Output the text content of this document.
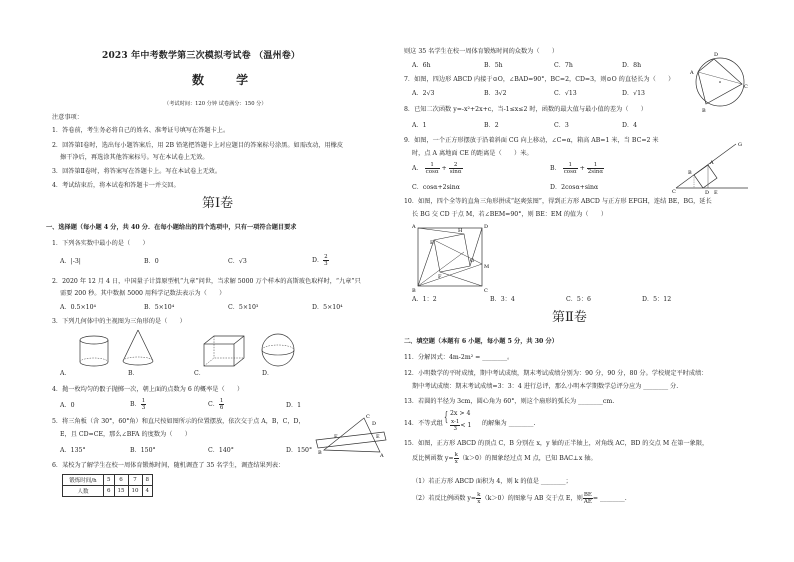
2023 年中考数学第三次模拟考试卷 （温州卷）
数 学
（考试时间：120 分钟 试卷满分：150 分）
注意事项：
1．答卷前，考生务必将自己的姓名、准考证号填写在答题卡上。
2．回答第Ⅰ卷时，选出每小题答案后，用 2B 铅笔把答题卡上对应题目的答案标号涂黑。如需改动，用橡皮
擦干净后，再选涂其他答案标号。写在本试卷上无效。
3．回答第Ⅱ卷时，将答案写在答题卡上。写在本试卷上无效。
4．考试结束后，将本试卷和答题卡一并交回。
第Ⅰ卷
一、选择题（每小题 4 分，共 40 分．在每小题给出的四个选项中，只有一项符合题目要求
1．下列各实数中最小的是（　　）
A．|-3|	B．0	C．√3	D． $\frac{2}{3}$
2．2020 年 12 月 4 日，中国量子计算原型机“九章”问世，当求解 5000 万个样本的高斯玻色取样时，“九章”只
需要 200 秒。其中数据 5000 用科学记数法表示为（　　）
A．0.5×10⁴	B．5×10⁴	C．5×10³	D．5×10⁴
3．下列几何体中的主视图为三角形的是（　　）
A．	B．	C．	D．
4．抛一枚均匀的骰子抛掷一次，朝上面的点数为 6 的概率是（　　）
A．0	B． $\frac{1}{3}$	C． $\frac{1}{6}$	D．1
5．将三角板（含 30°，60°角）和直尺按如图所示的位置摆放，依次交于点 A，B，C，D，
E，且 CD=CE，那么∠BFA 的度数为（　　）
A．135°	B．150°	C．140°	D．150°
C
D
E
F
B	A
6．某校为了解学生在校一周体育锻炼时间，随机调查了 35 名学生，调查结果列表：
锻炼时间/h	5	6	7	8
人数	6	15	10	4
则这 35 名学生在校一周体育锻炼时间的众数为（　　）
A．6h	B．5h	C．7h	D．8h
7．如图，四边形 ABCD 内接于⊙O，∠BAD=90°，BC=2，CD=3，则⊙O 的直径长为（　　）
A．2√3	B．3√2	C．√13	D．√13
A
B
C
D
8．已知二次函数 y=-x²+2x+c，当-1≤x≤2 时，函数的最大值与最小值的差为（　　）
A．1	B．2	C．3	D．4
9．如图，一个正方形摆放于沿着斜面 CG 向上移动，∠C=α，箱高 AB=1 米，当 BC=2 米
时，点 A 离地面 CE 的距离是（　　）米。
A． $\frac{1}{\cos\alpha} + \frac{2}{\sin\alpha}$	B． $\frac{1}{\cos\alpha} + \frac{1}{2\sin\alpha}$
C．cosα+2sinα	D．2cosα+sinα
G
A
B
C	D E
10．如图，四个全等的直角三角形拼成“赵爽弦图”，得到正方形 ABCD 与正方形 EFGH，连结 BE，BG，延长
长 BG 交 CD 于点 M，若∠BEM=90°，则 BE：EM 的值为（　　）
A	D
H
E
G
F
M
B	C
A．1：2	B．3：4	C．5：6	D．5：12
第Ⅱ卷
二、填空题（本题有 6 小题，每小题 5 分，共 30 分）
11．分解因式：4m-2m² = ________。
12．小明数学的平时成绩，期中考试成绩，期末考试成绩分别为：90 分，90 分，80 分。学校规定平时成绩：
期中考试成绩：期末考试成绩=3：3：4 进行总评，那么小明本学期数学总评分应为 ________ 分.
13．若圆的半径为 3cm，圆心角为 60°，则这个扇形的弧长为 ________cm.
14．不等式组 { 2x > 4
$\frac{x-1}{3} < 1$ 的解集为 ________.
15．如图，正方形 ABCD 的顶点 C，B 分别在 x，y 轴的正半轴上，对角线 AC，BD 的交点 M 在第一象限，
反比例函数 $y= \frac{k}{x} (k>0)$的图象经过点 M 点，已知 BAC⊥x 轴。
（1）若正方形 ABCD 面积为 4，则 k 的值是 ________；
（2）若反比例函数 $y= \frac{k}{x} (k>0)$的图象与 AB 交于点 E，则 $\frac{BE}{AE}$ = ________.
